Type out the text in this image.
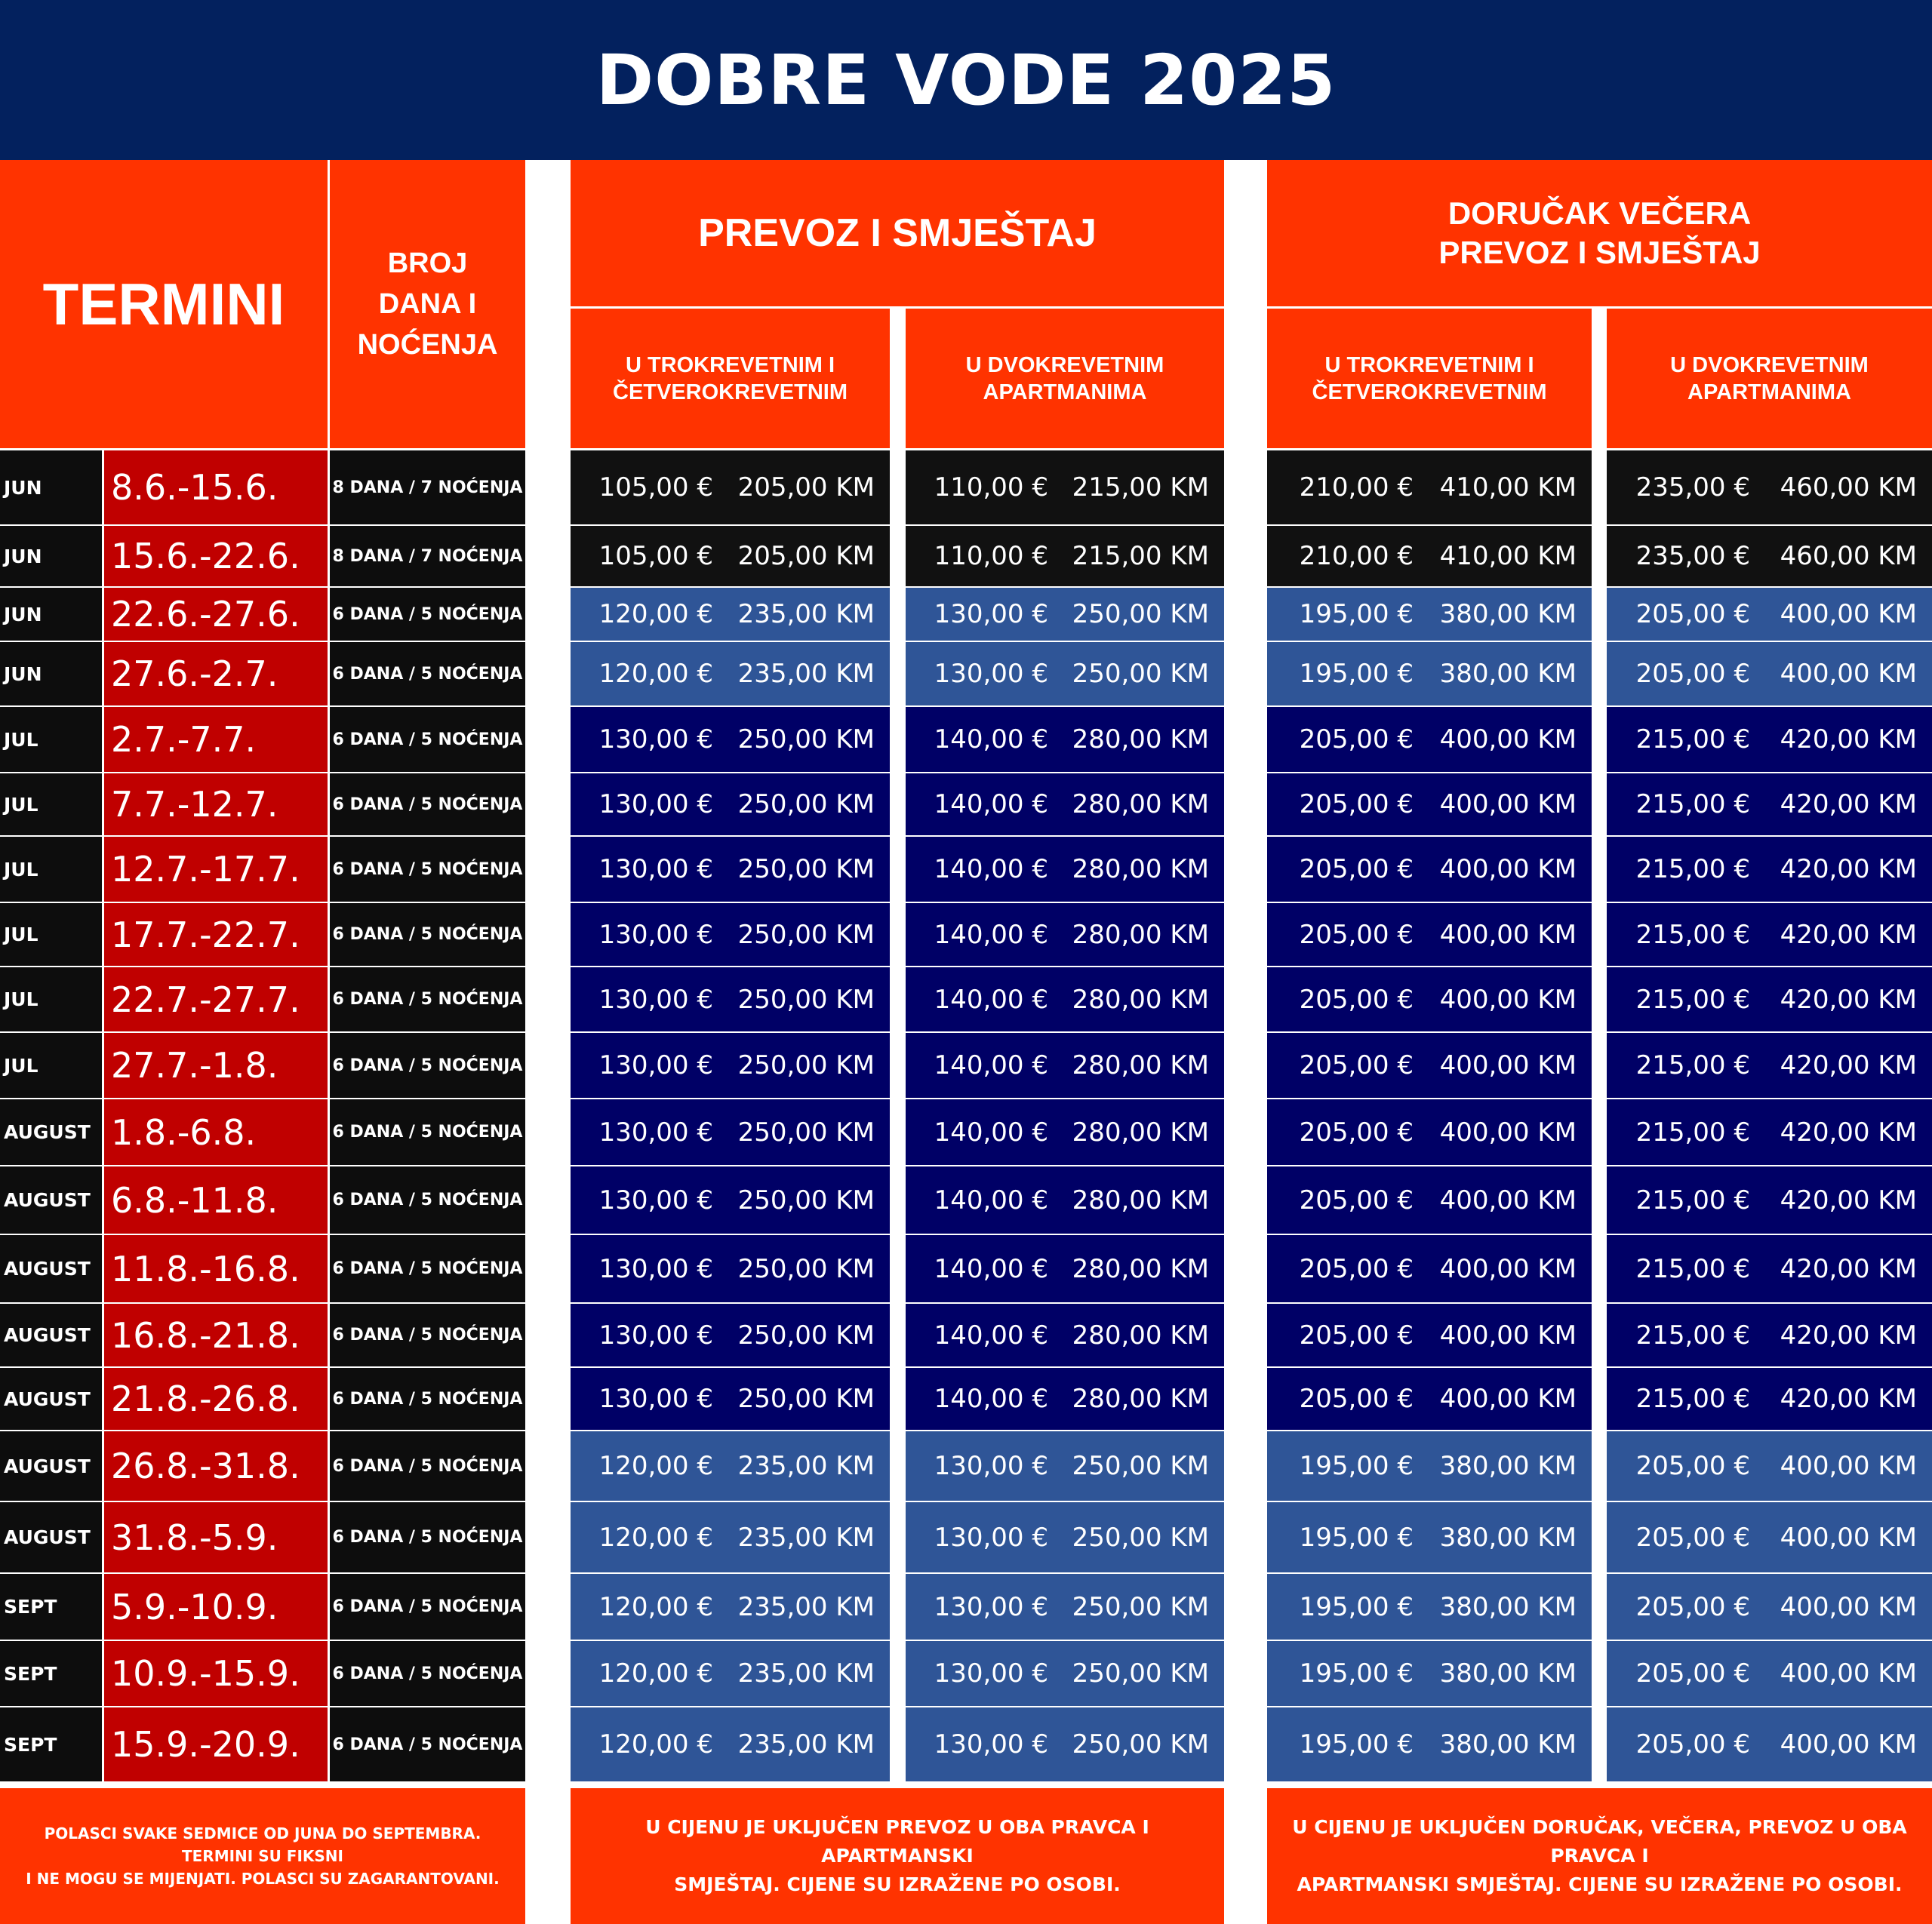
DOBRE VODE 2025
TERMINI
BROJ DANA I NOĆENJA
PREVOZ I SMJEŠTAJ	DORUČAK VEČERA
PREVOZ I SMJEŠTAJ
U TROKREVETNIM I
ČETVEROKREVETNIM
U DVOKREVETNIM
APARTMANIMA
U TROKREVETNIM I
ČETVEROKREVETNIM
U DVOKREVETNIM
APARTMANIMA
JUN	8.6.-15.6.	8 DANA / 7 NOĆENJA	105,00 € 205,00 KM	110,00 € 215,00 KM	210,00 € 410,00 KM	235,00 € 460,00 KM
JUN	15.6.-22.6.	8 DANA / 7 NOĆENJA	105,00 € 205,00 KM	110,00 € 215,00 KM	210,00 € 410,00 KM	235,00 € 460,00 KM
JUN	22.6.-27.6.	6 DANA / 5 NOĆENJA	120,00 € 235,00 KM	130,00 € 250,00 KM	195,00 € 380,00 KM	205,00 € 400,00 KM
JUN	27.6.-2.7.	6 DANA / 5 NOĆENJA	120,00 € 235,00 KM	130,00 € 250,00 KM	195,00 € 380,00 KM	205,00 € 400,00 KM
JUL	2.7.-7.7.	6 DANA / 5 NOĆENJA	130,00 € 250,00 KM	140,00 € 280,00 KM	205,00 € 400,00 KM	215,00 € 420,00 KM
JUL	7.7.-12.7.	6 DANA / 5 NOĆENJA	130,00 € 250,00 KM	140,00 € 280,00 KM	205,00 € 400,00 KM	215,00 € 420,00 KM
JUL	12.7.-17.7.	6 DANA / 5 NOĆENJA	130,00 € 250,00 KM	140,00 € 280,00 KM	205,00 € 400,00 KM	215,00 € 420,00 KM
JUL	17.7.-22.7.	6 DANA / 5 NOĆENJA	130,00 € 250,00 KM	140,00 € 280,00 KM	205,00 € 400,00 KM	215,00 € 420,00 KM
JUL	22.7.-27.7.	6 DANA / 5 NOĆENJA	130,00 € 250,00 KM	140,00 € 280,00 KM	205,00 € 400,00 KM	215,00 € 420,00 KM
JUL	27.7.-1.8.	6 DANA / 5 NOĆENJA	130,00 € 250,00 KM	140,00 € 280,00 KM	205,00 € 400,00 KM	215,00 € 420,00 KM
AUGUST 1.8.-6.8.	6 DANA / 5 NOĆENJA	130,00 € 250,00 KM	140,00 € 280,00 KM	205,00 € 400,00 KM	215,00 € 420,00 KM
AUGUST 6.8.-11.8.	6 DANA / 5 NOĆENJA	130,00 € 250,00 KM	140,00 € 280,00 KM	205,00 € 400,00 KM	215,00 € 420,00 KM
AUGUST 11.8.-16.8.	6 DANA / 5 NOĆENJA	130,00 € 250,00 KM	140,00 € 280,00 KM	205,00 € 400,00 KM	215,00 € 420,00 KM
AUGUST 16.8.-21.8.	6 DANA / 5 NOĆENJA	130,00 € 250,00 KM	140,00 € 280,00 KM	205,00 € 400,00 KM	215,00 € 420,00 KM
AUGUST 21.8.-26.8.	6 DANA / 5 NOĆENJA	130,00 € 250,00 KM	140,00 € 280,00 KM	205,00 € 400,00 KM	215,00 € 420,00 KM
AUGUST 26.8.-31.8.	6 DANA / 5 NOĆENJA	120,00 € 235,00 KM	130,00 € 250,00 KM	195,00 € 380,00 KM	205,00 € 400,00 KM
AUGUST 31.8.-5.9.	6 DANA / 5 NOĆENJA	120,00 € 235,00 KM	130,00 € 250,00 KM	195,00 € 380,00 KM	205,00 € 400,00 KM
SEPT	5.9.-10.9.	6 DANA / 5 NOĆENJA	120,00 € 235,00 KM	130,00 € 250,00 KM	195,00 € 380,00 KM	205,00 € 400,00 KM
SEPT	10.9.-15.9.	6 DANA / 5 NOĆENJA	120,00 € 235,00 KM	130,00 € 250,00 KM	195,00 € 380,00 KM	205,00 € 400,00 KM
SEPT	15.9.-20.9.	6 DANA / 5 NOĆENJA	120,00 € 235,00 KM	130,00 € 250,00 KM	195,00 € 380,00 KM	205,00 € 400,00 KM
POLASCI SVAKE SEDMICE OD JUNA DO SEPTEMBRA. TERMINI SU FIKSNI
I NE MOGU SE MIJENJATI. POLASCI SU ZAGARANTOVANI.
U CIJENU JE UKLJUČEN PREVOZ U OBA PRAVCA I APARTMANSKI
SMJEŠTAJ. CIJENE SU IZRAŽENE PO OSOBI.
U CIJENU JE UKLJUČEN DORUČAK, VEČERA, PREVOZ U OBA PRAVCA I
APARTMANSKI SMJEŠTAJ. CIJENE SU IZRAŽENE PO OSOBI.
